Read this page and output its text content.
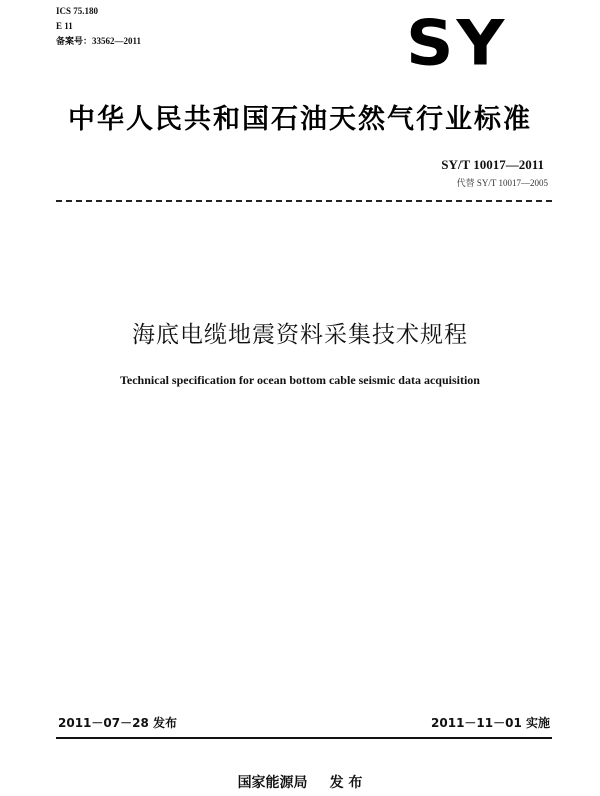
ICS 75.180
E 11
备案号：33562—2011	SY
中华人民共和国石油天然气行业标准
SY/T 10017—2011
代替 SY/T 10017—2005
海底电缆地震资料采集技术规程
Technical specification for ocean bottom cable seismic data acquisition
2011－07－28 发布	2011－11－01 实施
国家能源局 发 布
